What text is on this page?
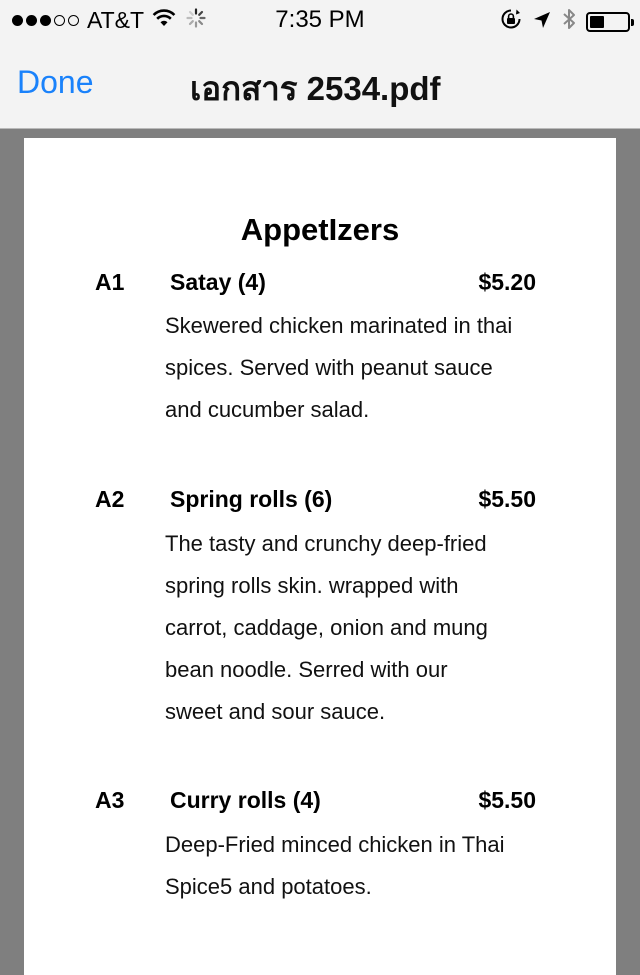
AT&T	7:35 PM
Done	เอกสาร 2534.pdf
AppetIzers
A1 Satay (4)	$5.20
Skewered chicken marinated in thai
spices. Served with peanut sauce
and cucumber salad.
A2 Spring rolls (6)	$5.50
The tasty and crunchy deep-fried
spring rolls skin. wrapped with
carrot, caddage, onion and mung
bean noodle. Serred with our
sweet and sour sauce.
A3 Curry rolls (4)	$5.50
Deep-Fried minced chicken in Thai
Spice5 and potatoes.
